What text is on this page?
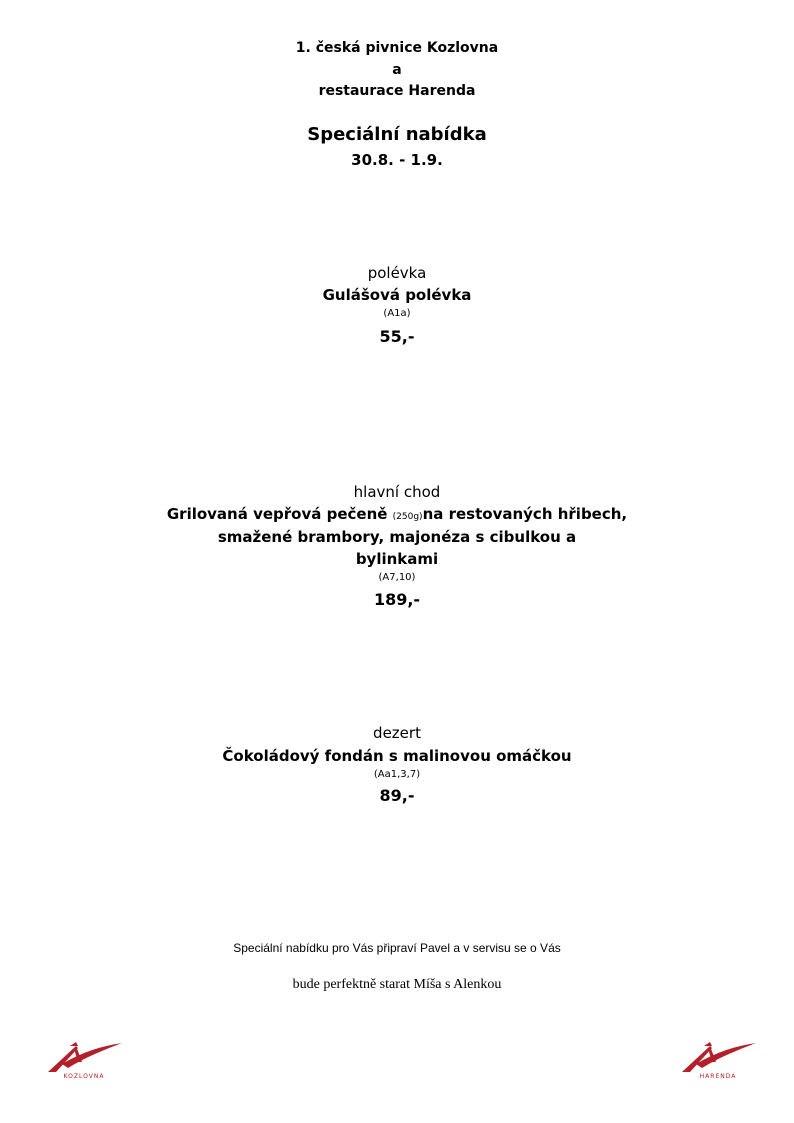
1. česká pivnice Kozlovna
a
restaurace Harenda
Speciální nabídka
30.8. - 1.9.
polévka
Gulášová polévka
(A1a)
55,-
hlavní chod
Grilovaná vepřová pečeně (250g)na restovaných hřibech,
smažené brambory, majonéza s cibulkou a
bylinkami
(A7,10)
189,-
dezert
Čokoládový fondán s malinovou omáčkou
(Aa1,3,7)
89,-
Speciální nabídku pro Vás připraví Pavel a v servisu se o Vás
bude perfektně starat Míša s Alenkou
KOZLOVNA	HARENDA
